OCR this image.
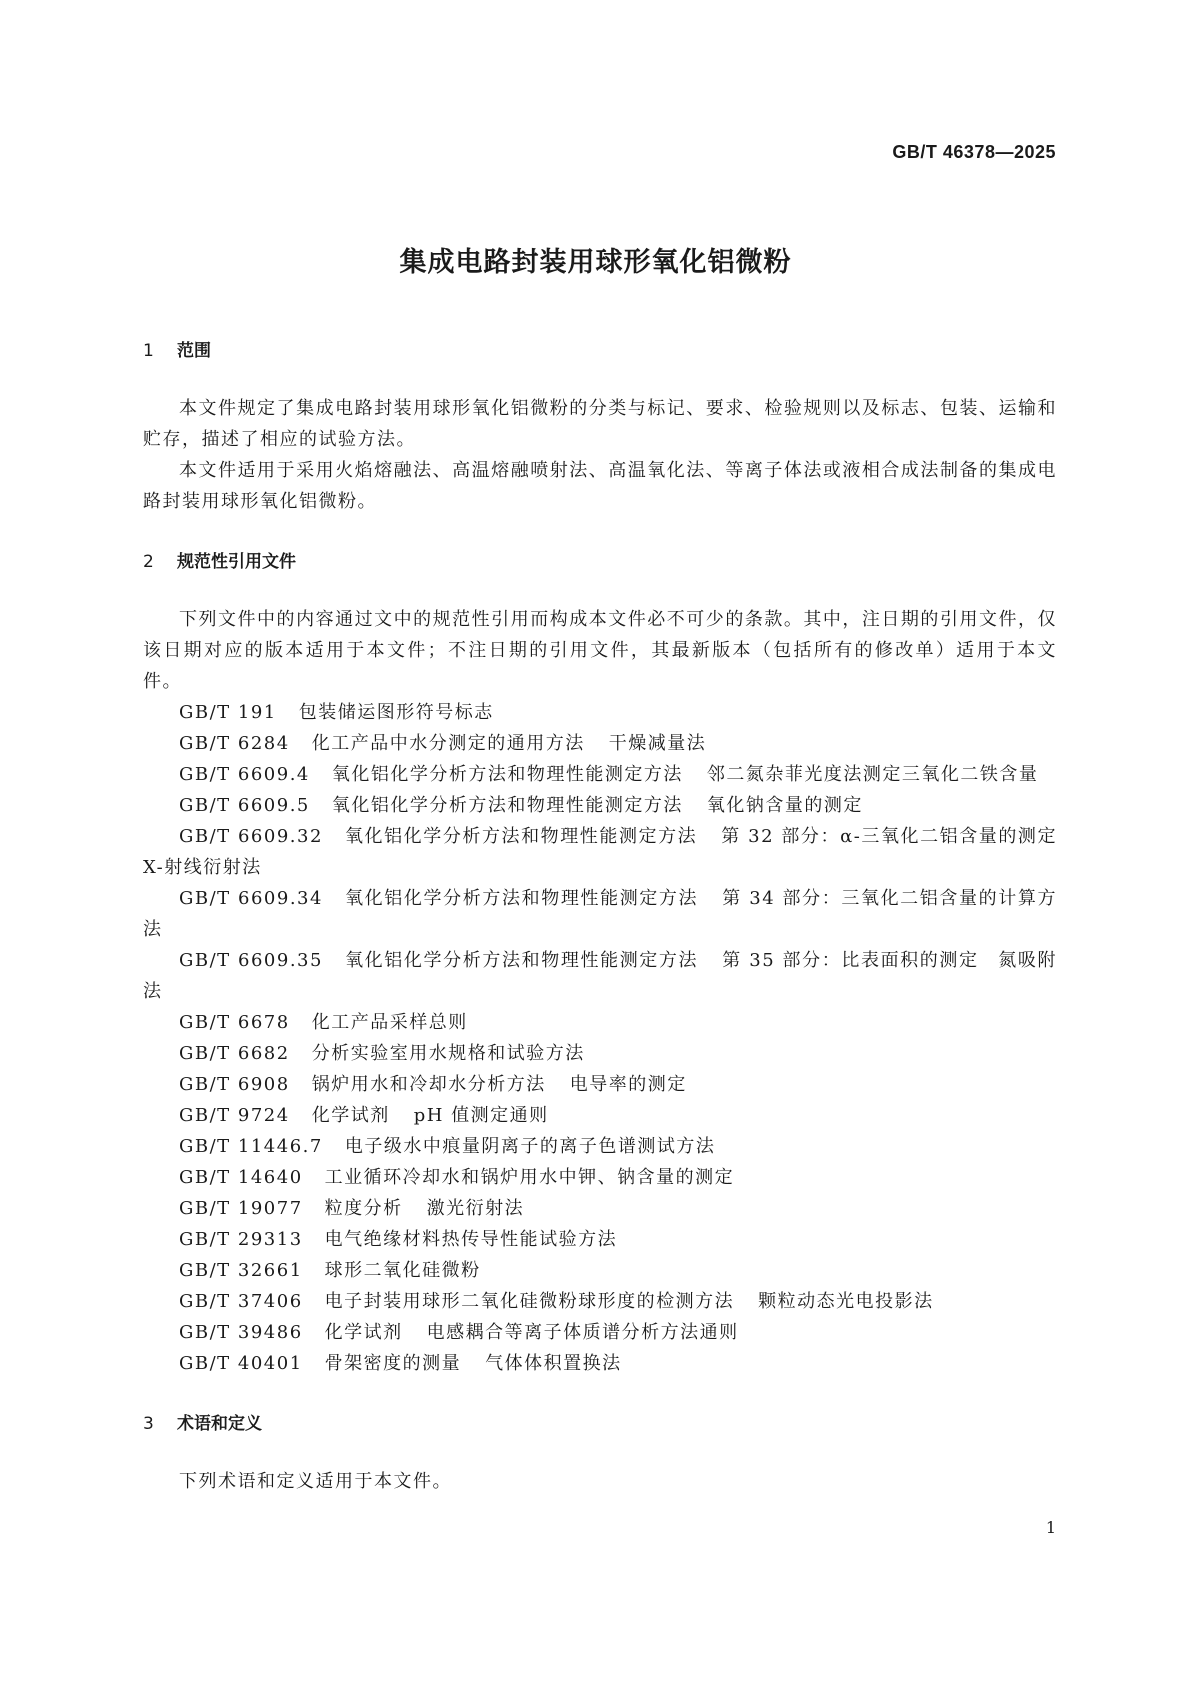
GB/T 46378—2025
集成电路封装用球形氧化铝微粉
1 范围

本文件规定了集成电路封装用球形氧化铝微粉的分类与标记、要求、检验规则以及标志、包装、运输和贮存，描述了相应的试验方法。

本文件适用于采用火焰熔融法、高温熔融喷射法、高温氧化法、等离子体法或液相合成法制备的集成电路封装用球形氧化铝微粉。

2 规范性引用文件

下列文件中的内容通过文中的规范性引用而构成本文件必不可少的条款。其中，注日期的引用文件，仅该日期对应的版本适用于本文件；不注日期的引用文件，其最新版本（包括所有的修改单）适用于本文件。

GB/T 191 包装储运图形符号标志

GB/T 6284 化工产品中水分测定的通用方法 干燥减量法

GB/T 6609.4 氧化铝化学分析方法和物理性能测定方法 邻二氮杂菲光度法测定三氧化二铁含量

GB/T 6609.5 氧化铝化学分析方法和物理性能测定方法 氧化钠含量的测定

GB/T 6609.32 氧化铝化学分析方法和物理性能测定方法 第 32 部分：α-三氧化二铝含量的测定 X-射线衍射法

GB/T 6609.34 氧化铝化学分析方法和物理性能测定方法 第 34 部分：三氧化二铝含量的计算方法

GB/T 6609.35 氧化铝化学分析方法和物理性能测定方法 第 35 部分：比表面积的测定　氮吸附法

GB/T 6678 化工产品采样总则

GB/T 6682 分析实验室用水规格和试验方法

GB/T 6908 锅炉用水和冷却水分析方法 电导率的测定

GB/T 9724 化学试剂 pH 值测定通则

GB/T 11446.7 电子级水中痕量阴离子的离子色谱测试方法

GB/T 14640 工业循环冷却水和锅炉用水中钾、钠含量的测定

GB/T 19077 粒度分析 激光衍射法

GB/T 29313 电气绝缘材料热传导性能试验方法

GB/T 32661 球形二氧化硅微粉

GB/T 37406 电子封装用球形二氧化硅微粉球形度的检测方法 颗粒动态光电投影法

GB/T 39486 化学试剂 电感耦合等离子体质谱分析方法通则

GB/T 40401 骨架密度的测量 气体体积置换法

3 术语和定义

下列术语和定义适用于本文件。

1
